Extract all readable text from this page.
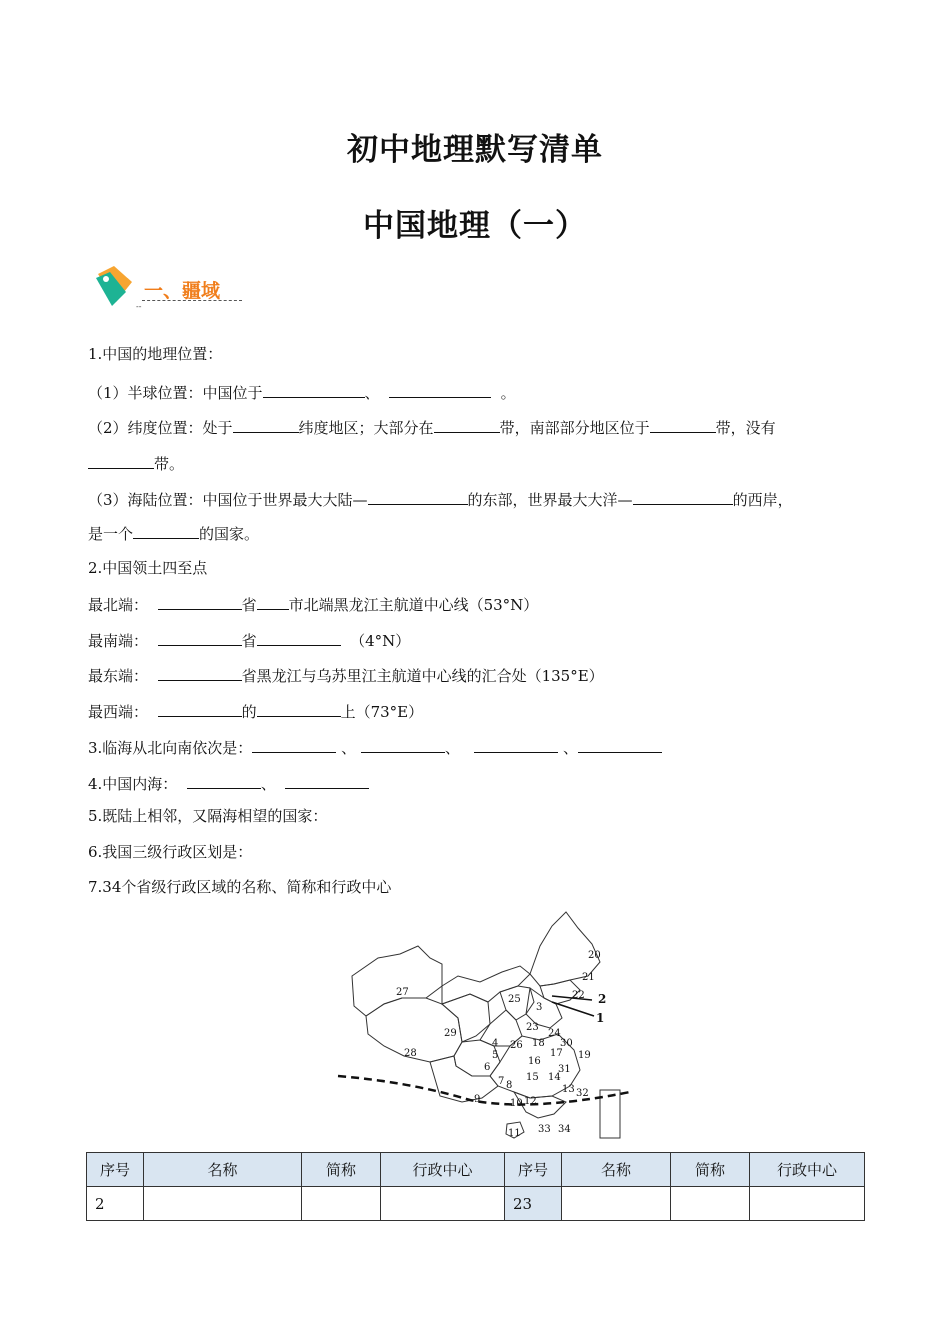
初中地理默写清单
中国地理（一）
一、疆域
--
1.中国的地理位置：
（1）半球位置：中国位于	、	。
（2）纬度位置：处于	纬度地区；大部分在	带，南部部分地区位于	带，没有
带。
（3）海陆位置：中国位于世界最大大陆—	的东部，世界最大大洋—	的西岸，
是一个	的国家。
2.中国领土四至点
最北端：	省 市北端黑龙江主航道中心线（53°N）
最南端：	省	（4°N）
最东端：	省黑龙江与乌苏里江主航道中心线的汇合处（135°E）
最西端：	的	上（73°E）
3.临海从北向南依次是：	、	、	、
4.中国内海：	、
5.既陆上相邻，又隔海相望的国家：
6.我国三级行政区划是：
7.34个省级行政区域的名称、简称和行政中心
20
21
22 2
1
27
25
3
24
29
4
23
18 30
28
26
16
17 19
6
15
31
5
14
8	13
7
9	10 12
32
11 33 34
序号	名称	简称	行政中心	序号	名称	简称	行政中心
2				23			
